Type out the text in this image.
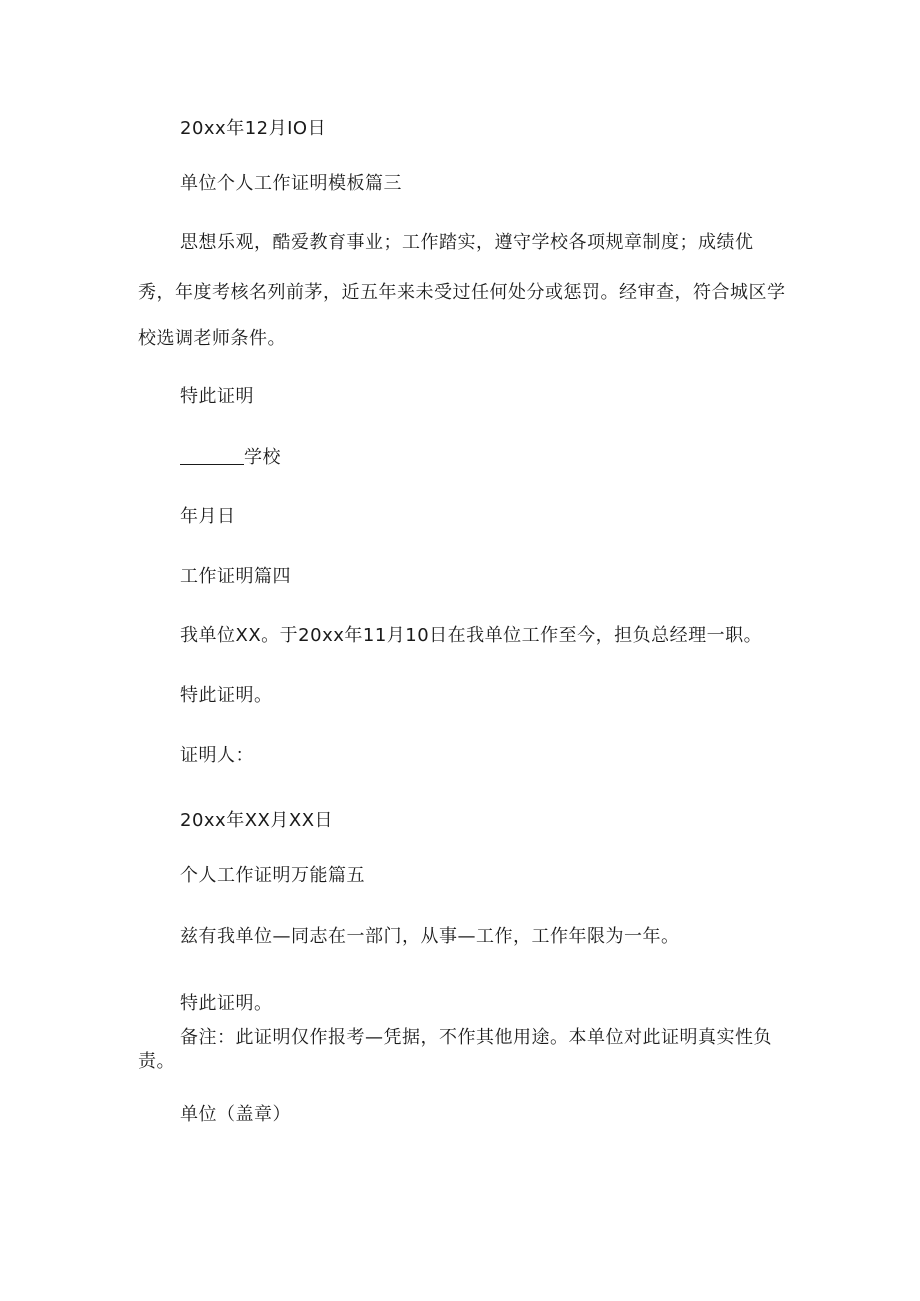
20xx年12月IO日
单位个人工作证明模板篇三
思想乐观，酷爱教育事业；工作踏实，遵守学校各项规章制度；成绩优
秀，年度考核名列前茅，近五年来未受过任何处分或惩罚。经审查，符合城区学
校选调老师条件。
特此证明
学校
年月日
工作证明篇四
我单位XX。于20xx年11月10日在我单位工作至今，担负总经理一职。
特此证明。
证明人：
20xx年XX月XX日
个人工作证明万能篇五
兹有我单位—同志在一部门，从事—工作，工作年限为一年。
特此证明。
备注：此证明仅作报考—凭据，不作其他用途。本单位对此证明真实性负
责。
单位（盖章）
